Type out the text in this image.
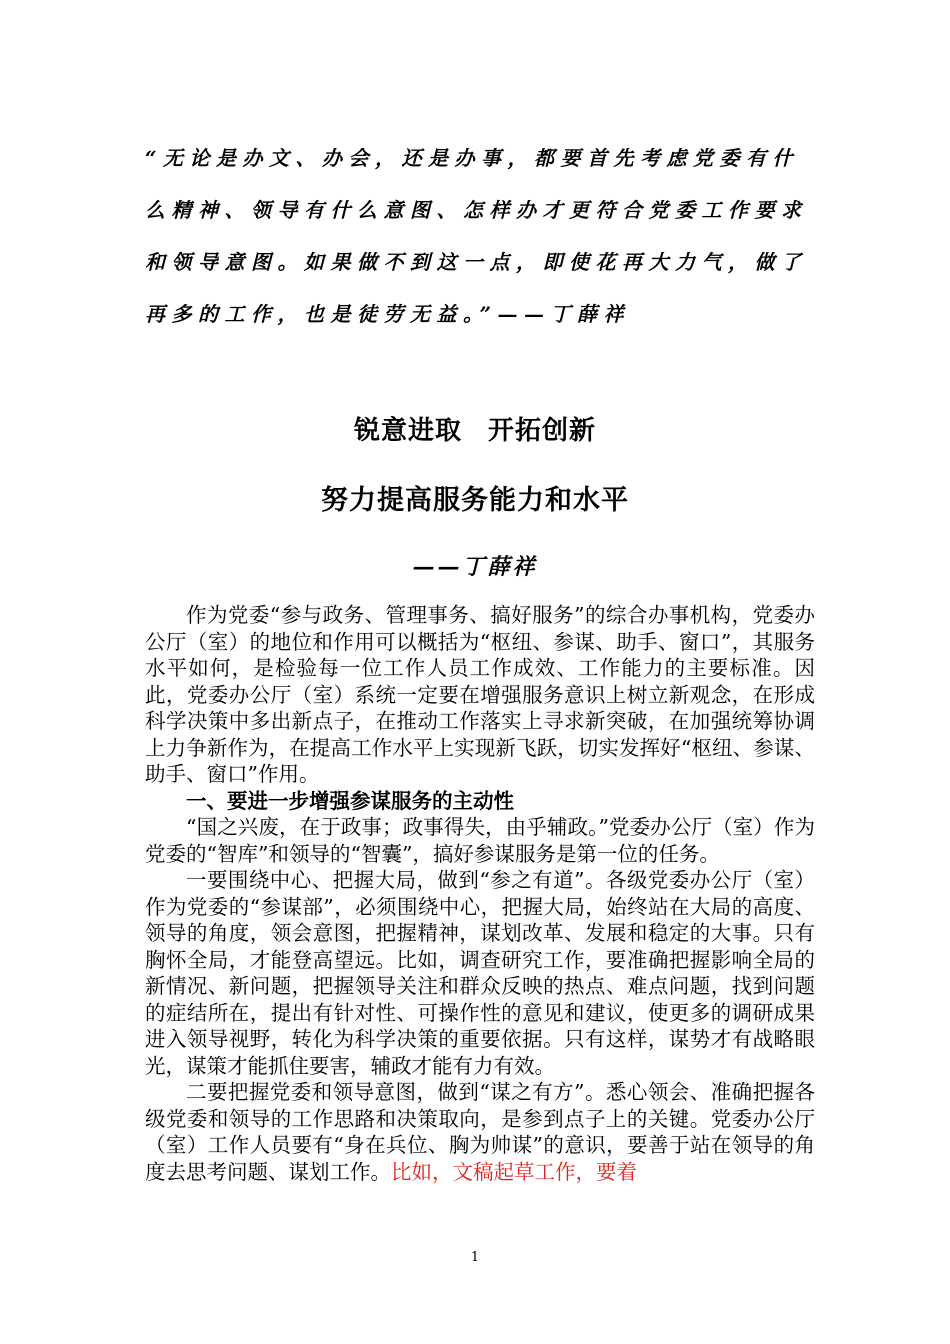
“无论是办文、办会，还是办事，都要首先考虑党委有什么精神、领导有什么意图、怎样办才更符合党委工作要求和领导意图。如果做不到这一点，即使花再大力气，做了再多的工作，也是徒劳无益。”——丁薛祥
锐意进取 开拓创新
努力提高服务能力和水平
——丁薛祥

作为党委“参与政务、管理事务、搞好服务”的综合办事机构，党委办公厅（室）的地位和作用可以概括为“枢纽、参谋、助手、窗口”，其服务水平如何，是检验每一位工作人员工作成效、工作能力的主要标准。因此，党委办公厅（室）系统一定要在增强服务意识上树立新观念，在形成科学决策中多出新点子，在推动工作落实上寻求新突破，在加强统筹协调上力争新作为，在提高工作水平上实现新飞跃，切实发挥好“枢纽、参谋、助手、窗口”作用。

一、要进一步增强参谋服务的主动性

“国之兴废，在于政事；政事得失，由乎辅政。”党委办公厅（室）作为党委的“智库”和领导的“智囊”，搞好参谋服务是第一位的任务。

一要围绕中心、把握大局，做到“参之有道”。各级党委办公厅（室）作为党委的“参谋部”，必须围绕中心，把握大局，始终站在大局的高度、领导的角度，领会意图，把握精神，谋划改革、发展和稳定的大事。只有胸怀全局，才能登高望远。比如，调查研究工作，要准确把握影响全局的新情况、新问题，把握领导关注和群众反映的热点、难点问题，找到问题的症结所在，提出有针对性、可操作性的意见和建议，使更多的调研成果进入领导视野，转化为科学决策的重要依据。只有这样，谋势才有战略眼光，谋策才能抓住要害，辅政才能有力有效。

二要把握党委和领导意图，做到“谋之有方”。悉心领会、准确把握各级党委和领导的工作思路和决策取向，是参到点子上的关键。党委办公厅（室）工作人员要有“身在兵位、胸为帅谋”的意识，要善于站在领导的角度去思考问题、谋划工作。比如，文稿起草工作，要着

1
